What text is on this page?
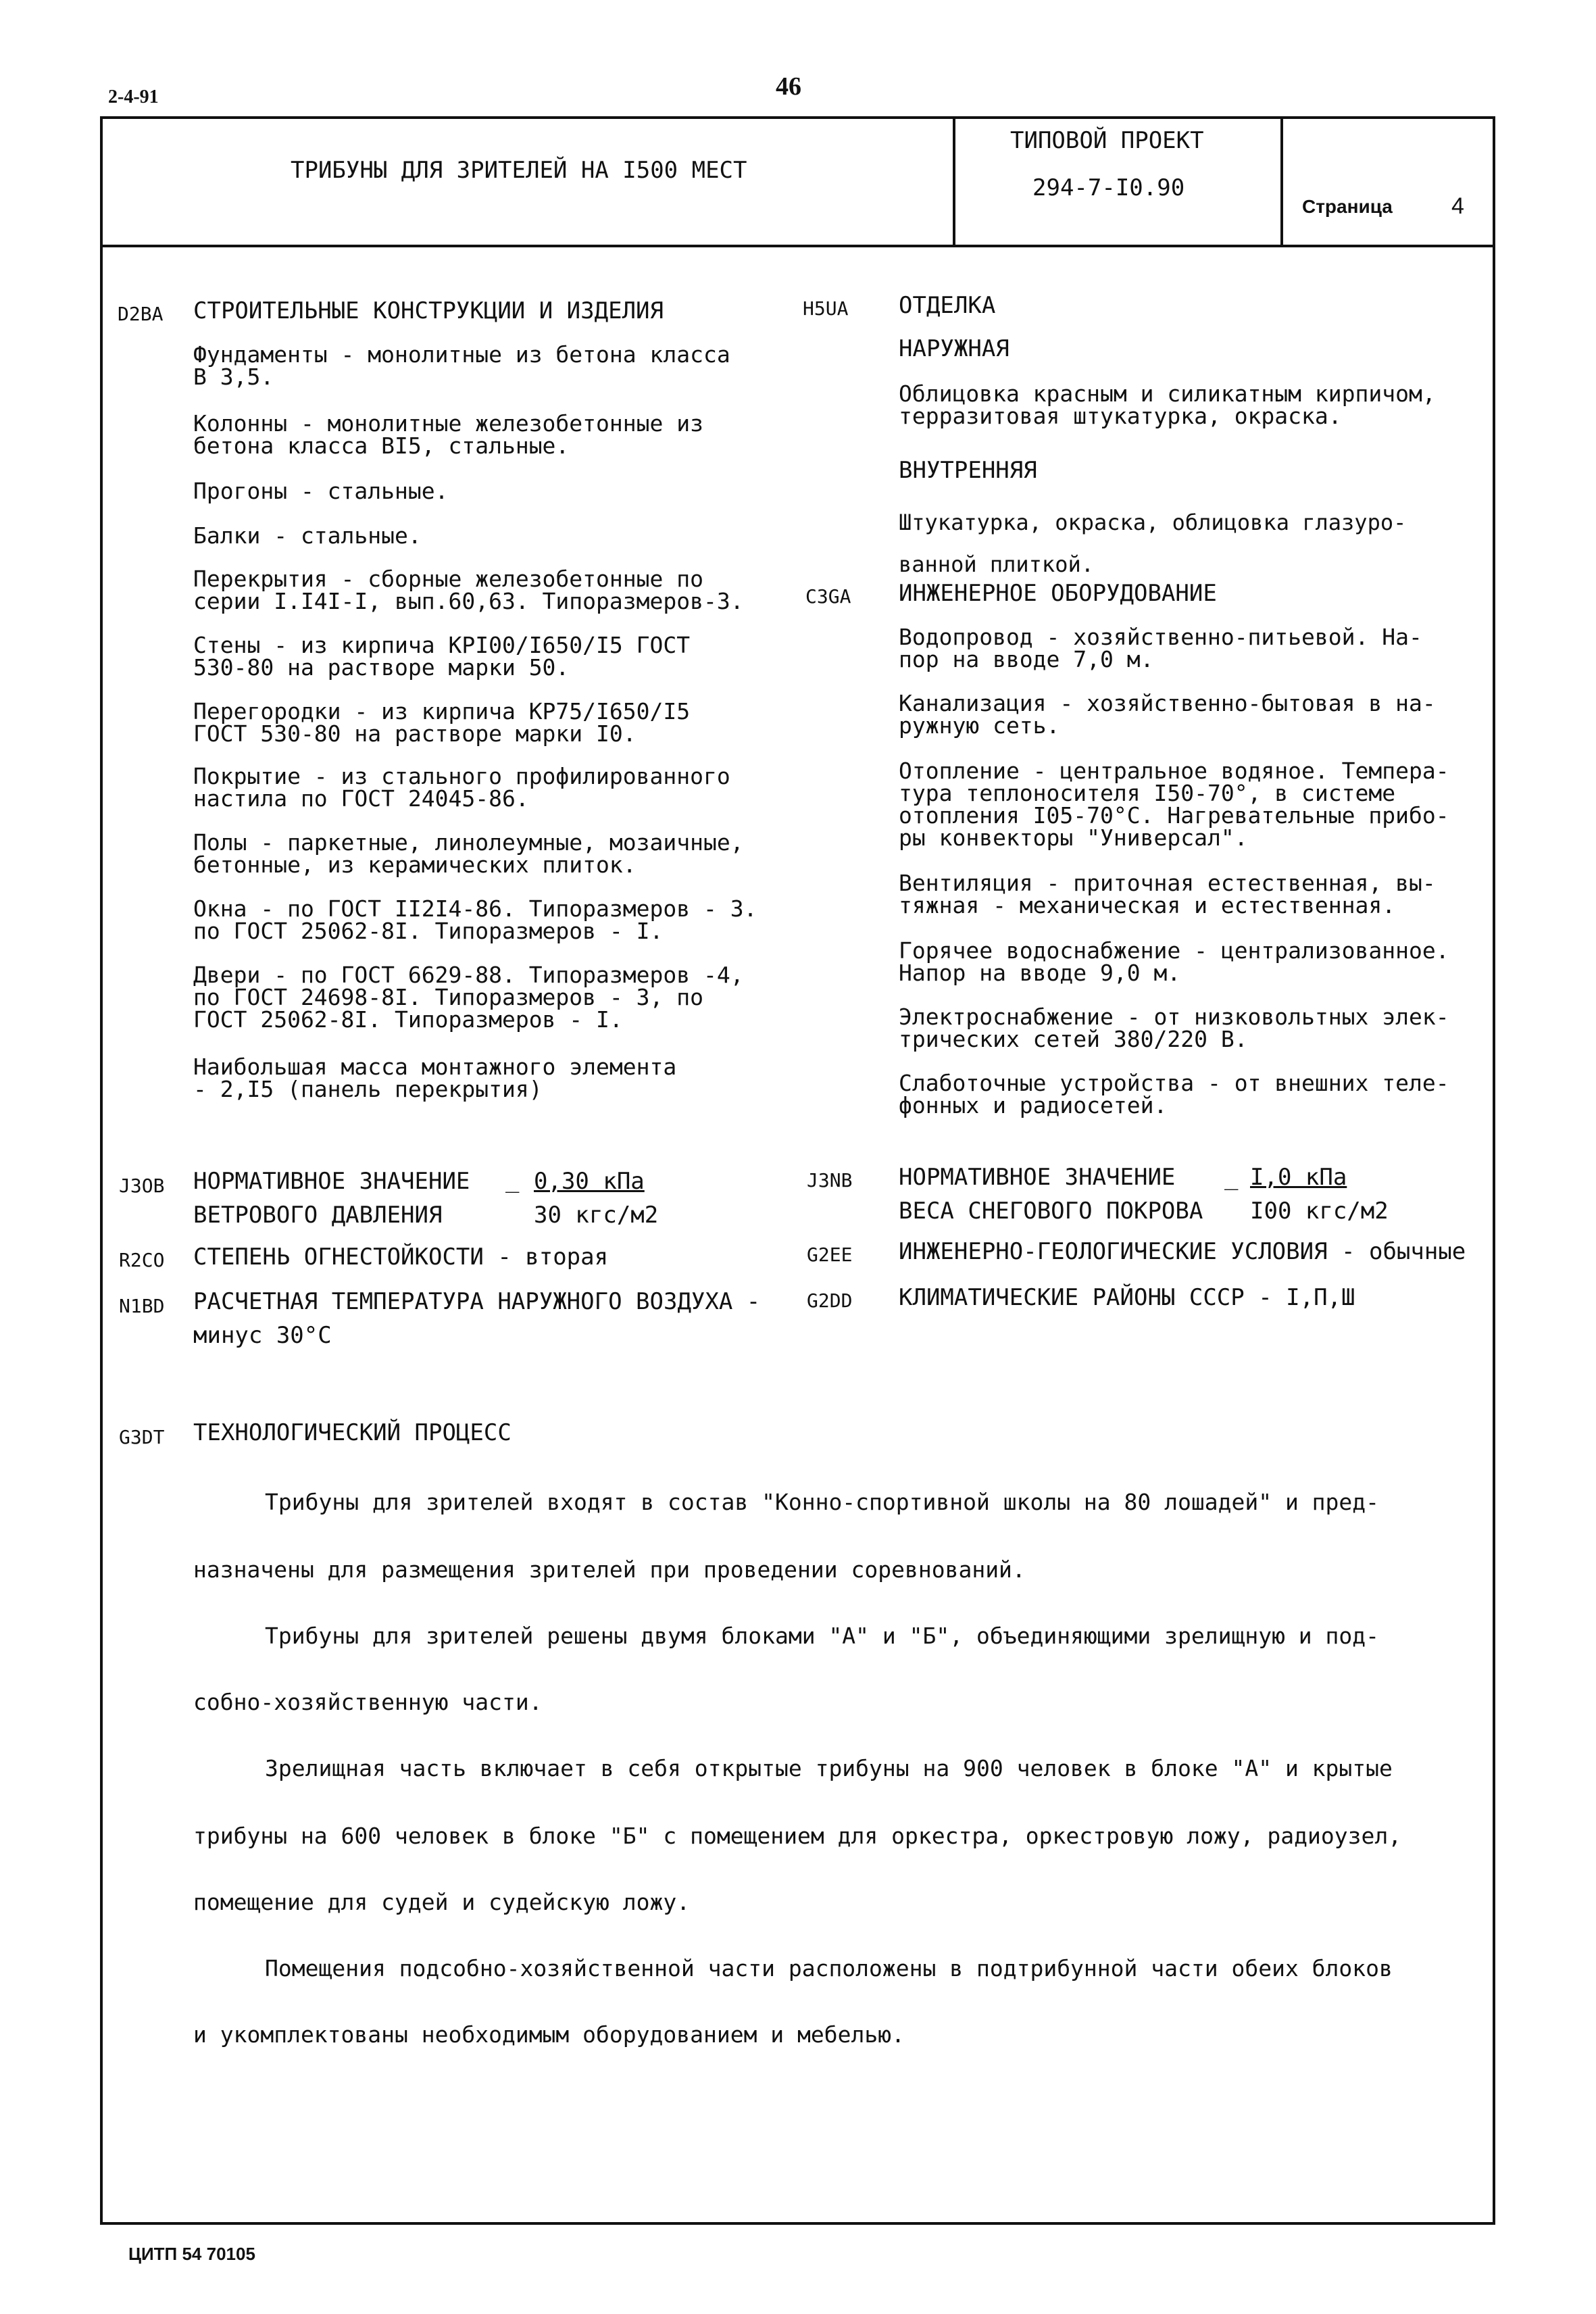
2-4-91	46
ТРИБУНЫ ДЛЯ ЗРИТЕЛЕЙ НА I500 МЕСТ
ТИПОВОЙ ПРОЕКТ
294-7-I0.90
Страница	4
D2BA СТРОИТЕЛЬНЫЕ КОНСТРУКЦИИ И ИЗДЕЛИЯ
Фундаменты - монолитные из бетона класса
В 3,5.
Колонны - монолитные железобетонные из
бетона класса BI5, стальные.
Прогоны - стальные.
Балки - стальные.
Перекрытия - сборные железобетонные по
серии I.I4I-I, вып.60,63. Типоразмеров-3.
Стены - из кирпича КРI00/I650/I5 ГОСТ
530-80 на растворе марки 50.
Перегородки - из кирпича КР75/I650/I5
ГОСТ 530-80 на растворе марки I0.
Покрытие - из стального профилированного
настила по ГОСТ 24045-86.
Полы - паркетные, линолеумные, мозаичные,
бетонные, из керамических плиток.
Окна - по ГОСТ II2I4-86. Типоразмеров - 3.
по ГОСТ 25062-8I. Типоразмеров - I.
Двери - по ГОСТ 6629-88. Типоразмеров -4,
по ГОСТ 24698-8I. Типоразмеров - 3, по
ГОСТ 25062-8I. Типоразмеров - I.
Наибольшая масса монтажного элемента
- 2,I5 (панель перекрытия)
H5UA ОТДЕЛКА
НАРУЖНАЯ
Облицовка красным и силикатным кирпичом,
терразитовая штукатурка, окраска.
ВНУТРЕННЯЯ
Штукатурка, окраска, облицовка глазуро-
ванной плиткой.
C3GA ИНЖЕНЕРНОЕ ОБОРУДОВАНИЕ
Водопровод - хозяйственно-питьевой. На-
пор на вводе 7,0 м.
Канализация - хозяйственно-бытовая в на-
ружную сеть.
Отопление - центральное водяное. Темпера-
тура теплоносителя I50-70°, в системе
отопления I05-70°С. Нагревательные прибо-
ры конвекторы "Универсал".
Вентиляция - приточная естественная, вы-
тяжная - механическая и естественная.
Горячее водоснабжение - централизованное.
Напор на вводе 9,0 м.
Электроснабжение - от низковольтных элек-
трических сетей 380/220 В.
Слаботочные устройства - от внешних теле-
фонных и радиосетей.
J3OB НОРМАТИВНОЕ ЗНАЧЕНИЕ _ 0,30 кПа
ВЕТРОВОГО ДАВЛЕНИЯ	30 кгс/м2
J3NB НОРМАТИВНОЕ ЗНАЧЕНИЕ _ I,0 кПа
ВЕСА СНЕГОВОГО ПОКРОВА I00 кгс/м2
R2CO СТЕПЕНЬ ОГНЕСТОЙКОСТИ - вторая	G2EE ИНЖЕНЕРНО-ГЕОЛОГИЧЕСКИЕ УСЛОВИЯ - обычные
N1BD РАСЧЕТНАЯ ТЕМПЕРАТУРА НАРУЖНОГО ВОЗДУХА -
минус 30°С
G2DD КЛИМАТИЧЕСКИЕ РАЙОНЫ СССР - I,П,Ш
G3DT ТЕХНОЛОГИЧЕСКИЙ ПРОЦЕСС
Трибуны для зрителей входят в состав "Конно-спортивной школы на 80 лошадей" и пред-
назначены для размещения зрителей при проведении соревнований.
Трибуны для зрителей решены двумя блоками "А" и "Б", объединяющими зрелищную и под-
собно-хозяйственную части.
Зрелищная часть включает в себя открытые трибуны на 900 человек в блоке "А" и крытые
трибуны на 600 человек в блоке "Б" с помещением для оркестра, оркестровую ложу, радиоузел,
помещение для судей и судейскую ложу.
Помещения подсобно-хозяйственной части расположены в подтрибунной части обеих блоков
и укомплектованы необходимым оборудованием и мебелью.
ЦИТП 54 70105
